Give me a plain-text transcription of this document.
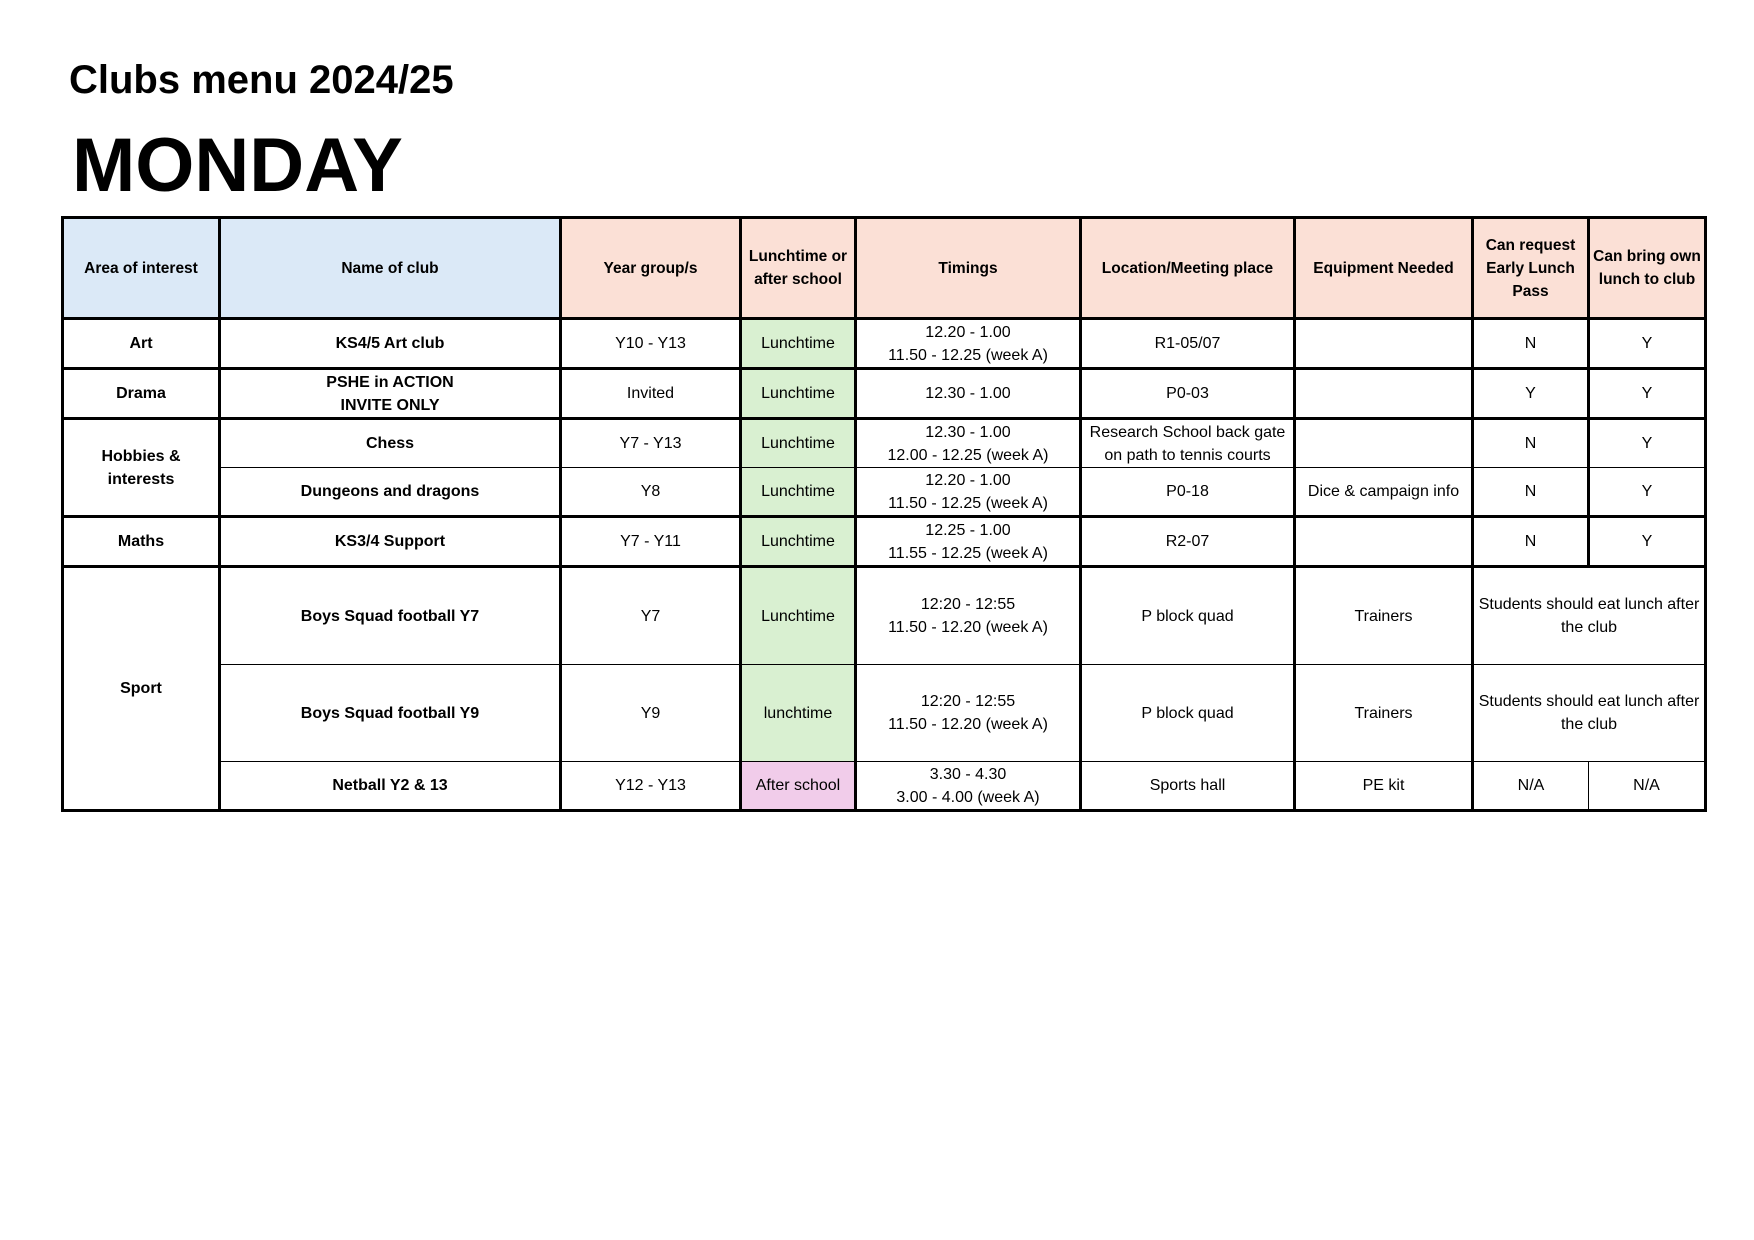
Clubs menu 2024/25
MONDAY
Area of interest	Name of club	Year group/s	Lunchtime or
after school	Timings	Location/Meeting place	Equipment Needed	Can request
Early Lunch
Pass	Can bring own
lunch to club

Art	KS4/5 Art club	Y10 - Y13	Lunchtime	12.20 - 1.00
11.50 - 12.25 (week A)	R1-05/07		N	Y
Drama	PSHE in ACTION
INVITE ONLY	Invited	Lunchtime	12.30 - 1.00	P0-03		Y	Y
Hobbies & interests	Chess	Y7 - Y13	Lunchtime	12.30 - 1.00
12.00 - 12.25 (week A)	Research School back gate
on path to tennis courts		N	Y
	Dungeons and dragons	Y8	Lunchtime	12.20 - 1.00
11.50 - 12.25 (week A)	P0-18	Dice & campaign info	N	Y
Maths	KS3/4 Support	Y7 - Y11	Lunchtime	12.25 - 1.00
11.55 - 12.25 (week A)	R2-07		N	Y
Sport	Boys Squad football Y7	Y7	Lunchtime	12:20 - 12:55
11.50 - 12.20 (week A)	P block quad	Trainers	Students should eat lunch after
the club	

	Boys Squad football Y9	Y9	lunchtime	12:20 - 12:55
11.50 - 12.20 (week A)	P block quad	Trainers	Students should eat lunch after
the club	

	Netball Y2 & 13	Y12 - Y13	After school	3.30 - 4.30
3.00 - 4.00 (week A)	Sports hall	PE kit	N/A	N/A
